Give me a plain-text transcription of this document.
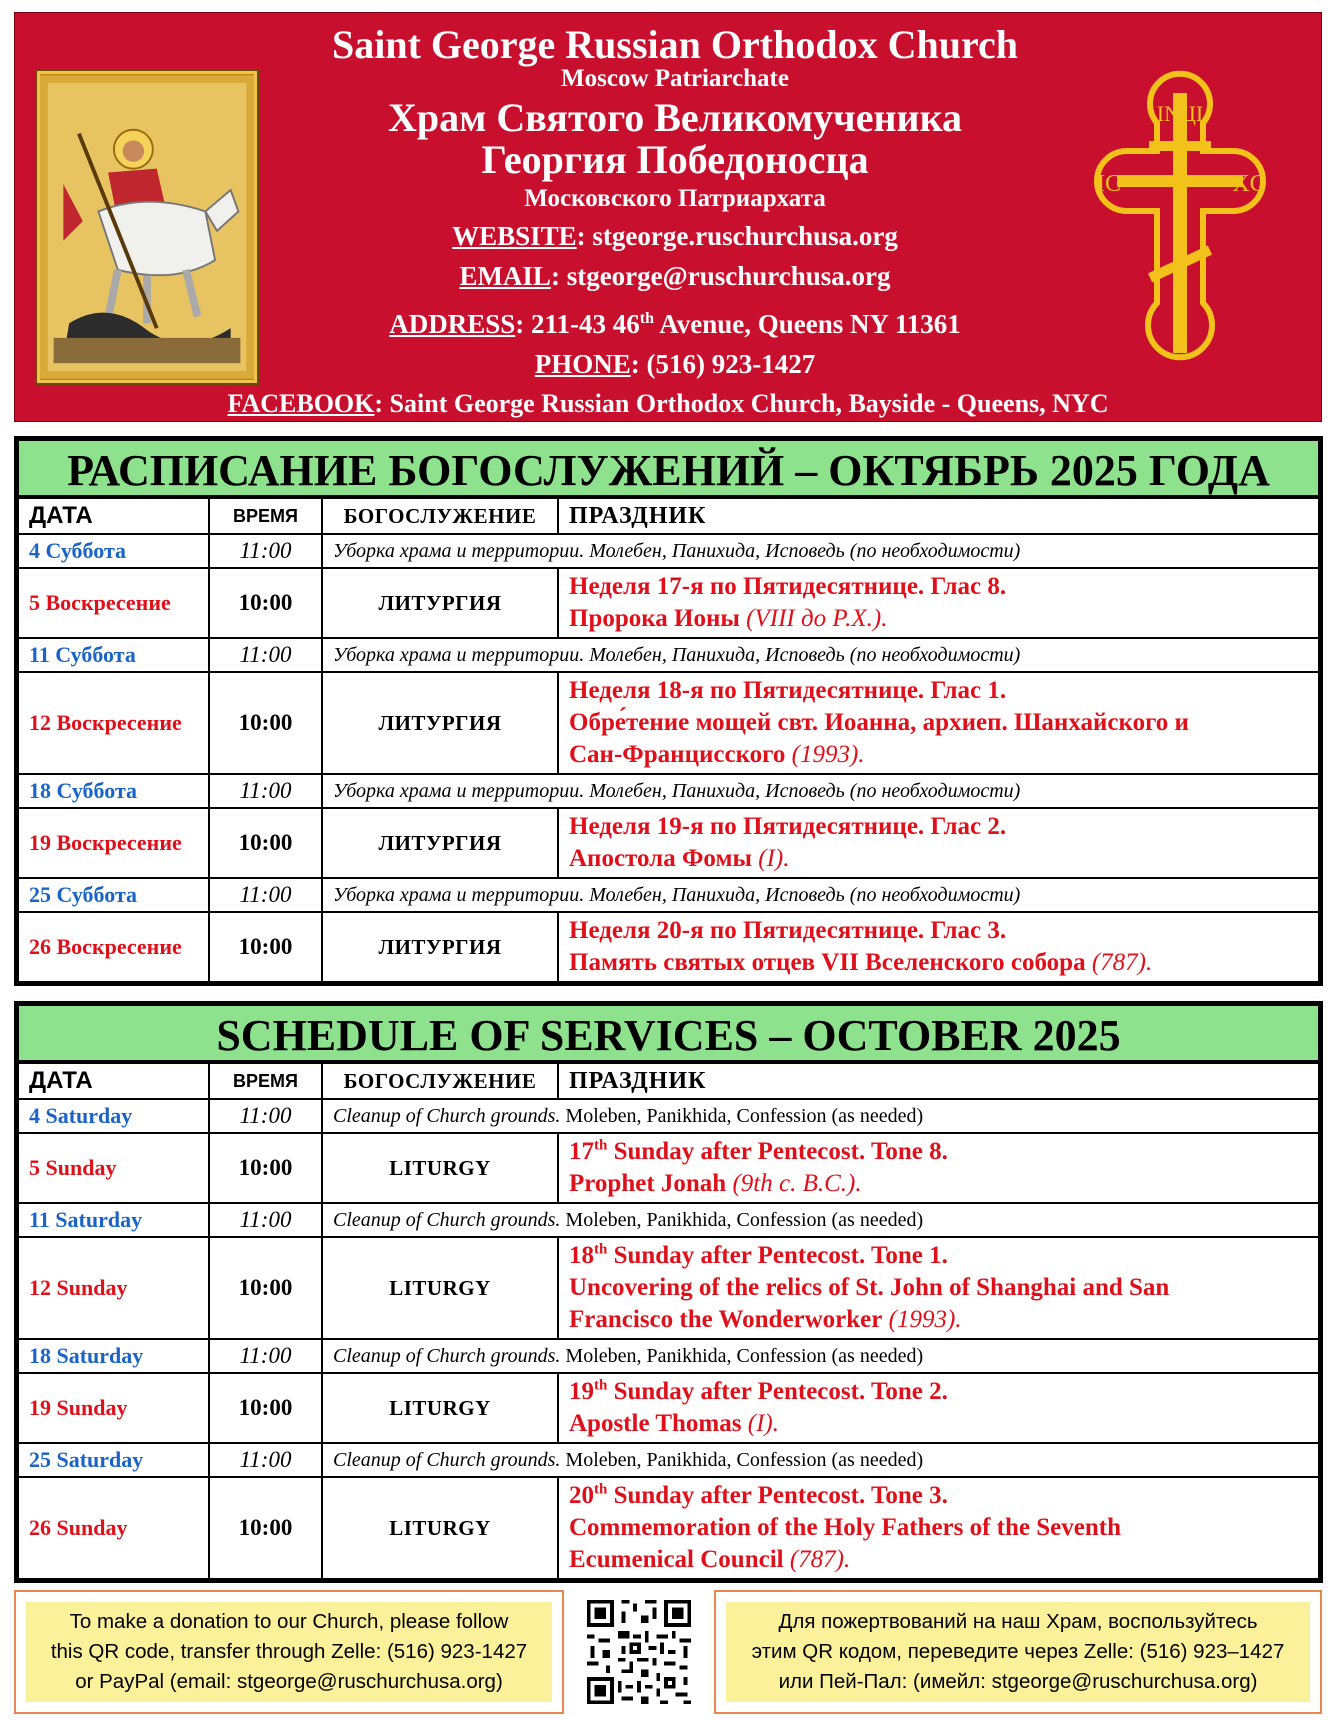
Saint George Russian Orthodox Church
Moscow Patriarchate
Храм Святого Великомученика
Георгия Победоносца
Московского Патриархата
WEBSITE: stgeorge.ruschurchusa.org
EMAIL: stgeorge@ruschurchusa.org
ADDRESS: 211-43 46th Avenue, Queens NY 11361
PHONE: (516) 923-1427
FACEBOOK: Saint George Russian Orthodox Church, Bayside - Queens, NYC
INЦI
IC	XC
РАСПИСАНИЕ БОГОСЛУЖЕНИЙ – ОКТЯБРЬ 2025 ГОДА
ДАТА	ВРЕМЯ	БОГОСЛУЖЕНИЕ	ПРАЗДНИК
4 Суббота	11:00	Уборка храма и территории. Молебен, Панихида, Исповедь (по необходимости)	
5 Воскресение	10:00	ЛИТУРГИЯ	Неделя 17-я по Пятидесятнице. Глас 8.
Пророка Ионы (VIII до Р.Х.).

11 Суббота	11:00	Уборка храма и территории. Молебен, Панихида, Исповедь (по необходимости)	
12 Воскресение	10:00	ЛИТУРГИЯ	Неделя 18-я по Пятидесятнице. Глас 1.
Обре́тение мощей свт. Иоанна, архиеп. Шанхайского и
Сан-Францисского (1993).

18 Суббота	11:00	Уборка храма и территории. Молебен, Панихида, Исповедь (по необходимости)	
19 Воскресение	10:00	ЛИТУРГИЯ	Неделя 19-я по Пятидесятнице. Глас 2.
Апостола Фомы (I).

25 Суббота	11:00	Уборка храма и территории. Молебен, Панихида, Исповедь (по необходимости)	
26 Воскресение	10:00	ЛИТУРГИЯ	Неделя 20-я по Пятидесятнице. Глас 3.
Память святых отцев VII Вселенского собора (787).
SCHEDULE OF SERVICES – OCTOBER 2025
ДАТА	ВРЕМЯ	БОГОСЛУЖЕНИЕ	ПРАЗДНИК
4 Saturday	11:00	Cleanup of Church grounds. Moleben, Panikhida, Confession (as needed)	
5 Sunday	10:00	LITURGY	17th Sunday after Pentecost. Tone 8.
Prophet Jonah (9th c. B.C.).

11 Saturday	11:00	Cleanup of Church grounds. Moleben, Panikhida, Confession (as needed)	
12 Sunday	10:00	LITURGY	18th Sunday after Pentecost. Tone 1.
Uncovering of the relics of St. John of Shanghai and San
Francisco the Wonderworker (1993).

18 Saturday	11:00	Cleanup of Church grounds. Moleben, Panikhida, Confession (as needed)	
19 Sunday	10:00	LITURGY	19th Sunday after Pentecost. Tone 2.
Apostle Thomas (I).

25 Saturday	11:00	Cleanup of Church grounds. Moleben, Panikhida, Confession (as needed)	
26 Sunday	10:00	LITURGY	20th Sunday after Pentecost. Tone 3.
Commemoration of the Holy Fathers of the Seventh
Ecumenical Council (787).
To make a donation to our Church, please follow
this QR code, transfer through Zelle: (516) 923-1427
or PayPal (email: stgeorge@ruschurchusa.org)
Для пожертвований на наш Храм, воспользуйтесь
этим QR кодом, переведите через Zelle: (516) 923–1427
или Пей-Пал: (имейл: stgeorge@ruschurchusa.org)
